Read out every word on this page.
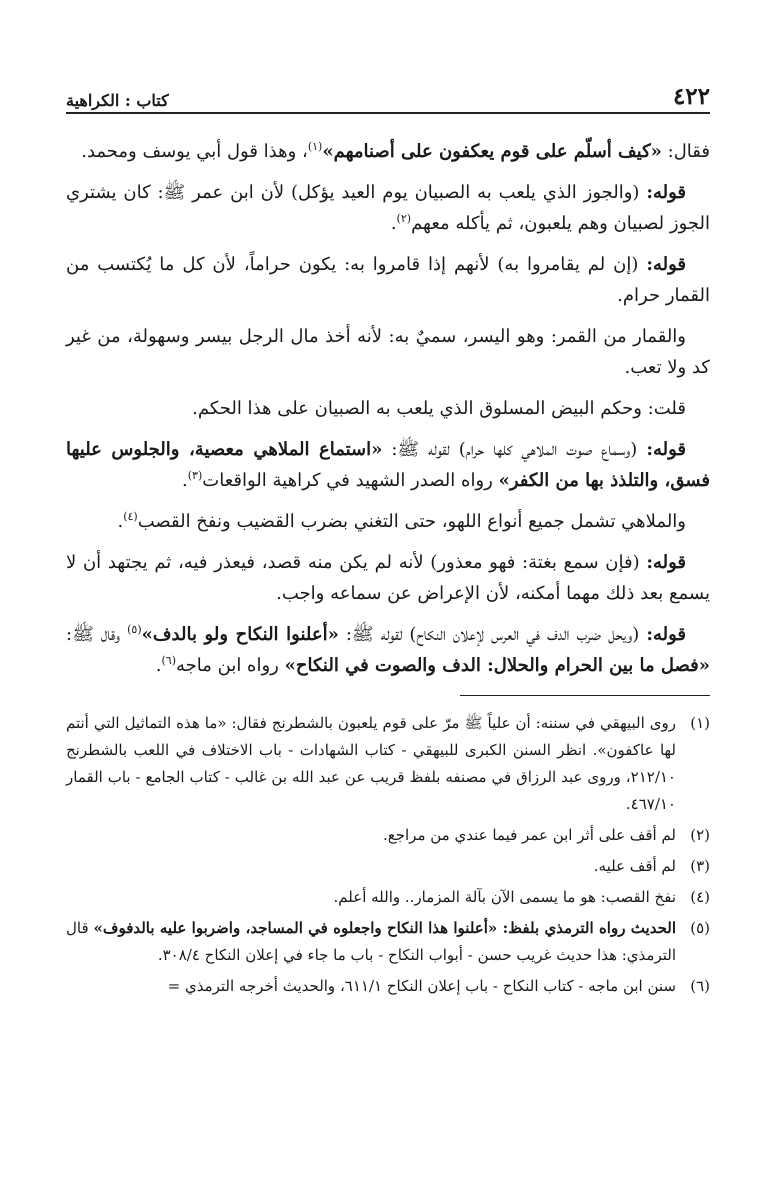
٤٢٢
كتاب : الكراهية

فقال: «كيف أسلّم على قوم يعكفون على أصنامهم»$^{(١)}$، وهذا قول أبي يوسف ومحمد.

قوله: (والجوز الذي يلعب به الصبيان يوم العيد يؤكل) لأن ابن عمر ﷺ: كان يشتري الجوز لصبيان وهم يلعبون، ثم يأكله معهم$^{(٢)}$.

قوله: (إن لم يقامروا به) لأنهم إذا قامروا به: يكون حراماً، لأن كل ما يُكتسب من القمار حرام.

والقمار من القمر: وهو اليسر، سميٌ به: لأنه أخذ مال الرجل بيسر وسهولة، من غير كد ولا تعب.

قلت: وحكم البيض المسلوق الذي يلعب به الصبيان على هذا الحكم.

قوله: (وسماع صوت الملاهي كلها حرام) لقوله ﷺ: «استماع الملاهي معصية، والجلوس عليها فسق، والتلذذ بها من الكفر» رواه الصدر الشهيد في كراهية الواقعات$^{(٣)}$.

والملاهي تشمل جميع أنواع اللهو، حتى التغني بضرب القضيب ونفخ القصب$^{(٤)}$.

قوله: (فإن سمع بغتة: فهو معذور) لأنه لم يكن منه قصد، فيعذر فيه، ثم يجتهد أن لا يسمع بعد ذلك مهما أمكنه، لأن الإعراض عن سماعه واجب.

قوله: (ويحل ضرب الدف في العرس لإعلان النكاح) لقوله ﷺ: «أعلنوا النكاح ولو بالدف»$^{(٥)}$ وقال ﷺ: «فصل ما بين الحرام والحلال: الدف والصوت في النكاح» رواه ابن ماجه$^{(٦)}$.

(١)
روى البيهقي في سننه: أن علياً ﷺ مرّ على قوم يلعبون بالشطرنج فقال: «ما هذه التماثيل التي أنتم لها عاكفون». انظر السنن الكبرى للبيهقي - كتاب الشهادات - باب الاختلاف في اللعب بالشطرنج ٢١٢/١٠، وروى عبد الرزاق في مصنفه بلفظ قريب عن عبد الله بن غالب - كتاب الجامع - باب القمار ٤٦٧/١٠.
(٢)
لم أقف على أثر ابن عمر فيما عندي من مراجع.
(٣)
لم أقف عليه.
(٤)
نفخ القصب: هو ما يسمى الآن بآلة المزمار.. والله أعلم.
(٥)
الحديث رواه الترمذي بلفظ: «أعلنوا هذا النكاح واجعلوه في المساجد، واضربوا عليه بالدفوف» قال الترمذي: هذا حديث غريب حسن - أبواب النكاح - باب ما جاء في إعلان النكاح ٣٠٨/٤.
(٦)
سنن ابن ماجه - كتاب النكاح - باب إعلان النكاح ٦١١/١، والحديث أخرجه الترمذي =
